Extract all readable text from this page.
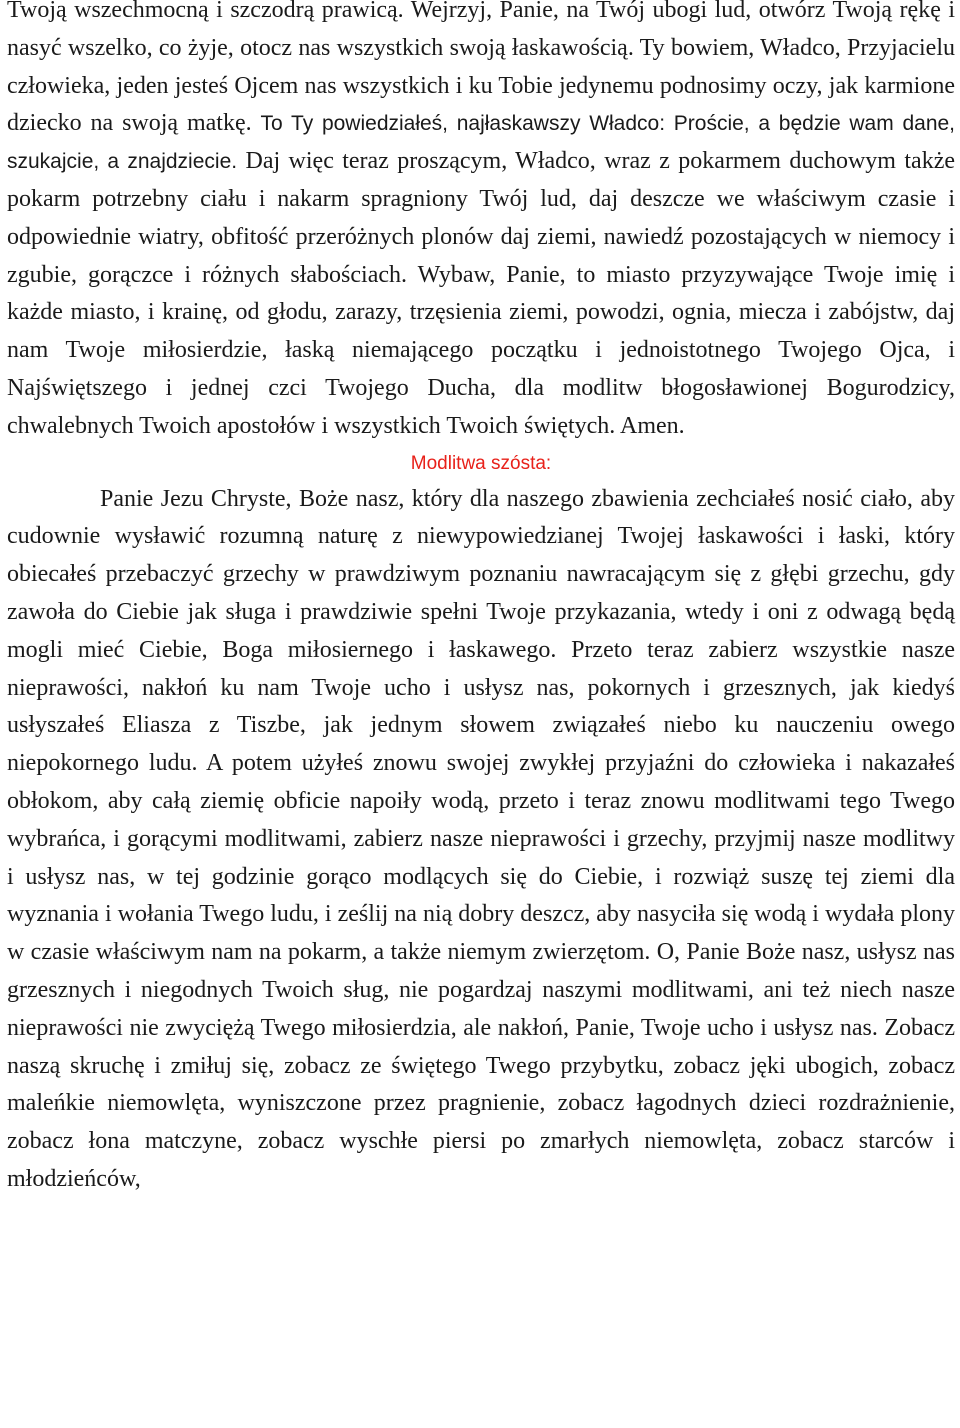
Twoją wszechmocną i szczodrą prawicą. Wejrzyj, Panie, na Twój ubogi lud, otwórz Twoją rękę i nasyć wszelko, co żyje, otocz nas wszystkich swoją łaskawością. Ty bowiem, Władco, Przyjacielu człowieka, jeden jesteś Ojcem nas wszystkich i ku Tobie jedynemu podnosimy oczy, jak karmione dziecko na swoją matkę. To Ty powiedziałeś, najłaskawszy Władco: Proście, a będzie wam dane, szukajcie, a znajdziecie. Daj więc teraz proszącym, Władco, wraz z pokarmem duchowym także pokarm potrzebny ciału i nakarm spragniony Twój lud, daj deszcze we właściwym czasie i odpowiednie wiatry, obfitość przeróżnych plonów daj ziemi, nawiedź pozostających w niemocy i zgubie, gorączce i różnych słabościach. Wybaw, Panie, to miasto przyzywające Twoje imię i każde miasto, i krainę, od głodu, zarazy, trzęsienia ziemi, powodzi, ognia, miecza i zabójstw, daj nam Twoje miłosierdzie, łaską niemającego początku i jednoistotnego Twojego Ojca, i Najświętszego i jednej czci Twojego Ducha, dla modlitw błogosławionej Bogurodzicy, chwalebnych Twoich apostołów i wszystkich Twoich świętych. Amen.

Modlitwa szósta:

Panie Jezu Chryste, Boże nasz, który dla naszego zbawienia zechciałeś nosić ciało, aby cudownie wysławić rozumną naturę z niewypowiedzianej Twojej łaskawości i łaski, który obiecałeś przebaczyć grzechy w prawdziwym poznaniu nawracającym się z głębi grzechu, gdy zawoła do Ciebie jak sługa i prawdziwie spełni Twoje przykazania, wtedy i oni z odwagą będą mogli mieć Ciebie, Boga miłosiernego i łaskawego. Przeto teraz zabierz wszystkie nasze nieprawości, nakłoń ku nam Twoje ucho i usłysz nas, pokornych i grzesznych, jak kiedyś usłyszałeś Eliasza z Tiszbe, jak jednym słowem związałeś niebo ku nauczeniu owego niepokornego ludu. A potem użyłeś znowu swojej zwykłej przyjaźni do człowieka i nakazałeś obłokom, aby całą ziemię obficie napoiły wodą, przeto i teraz znowu modlitwami tego Twego wybrańca, i gorącymi modlitwami, zabierz nasze nieprawości i grzechy, przyjmij nasze modlitwy i usłysz nas, w tej godzinie gorąco modlących się do Ciebie, i rozwiąż suszę tej ziemi dla wyznania i wołania Twego ludu, i ześlij na nią dobry deszcz, aby nasyciła się wodą i wydała plony w czasie właściwym nam na pokarm, a także niemym zwierzętom. O, Panie Boże nasz, usłysz nas grzesznych i niegodnych Twoich sług, nie pogardzaj naszymi modlitwami, ani też niech nasze nieprawości nie zwyciężą Twego miłosierdzia, ale nakłoń, Panie, Twoje ucho i usłysz nas. Zobacz naszą skruchę i zmiłuj się, zobacz ze świętego Twego przybytku, zobacz jęki ubogich, zobacz maleńkie niemowlęta, wyniszczone przez pragnienie, zobacz łagodnych dzieci rozdrażnienie, zobacz łona matczyne, zobacz wyschłe piersi po zmarłych niemowlęta, zobacz starców i młodzieńców,
